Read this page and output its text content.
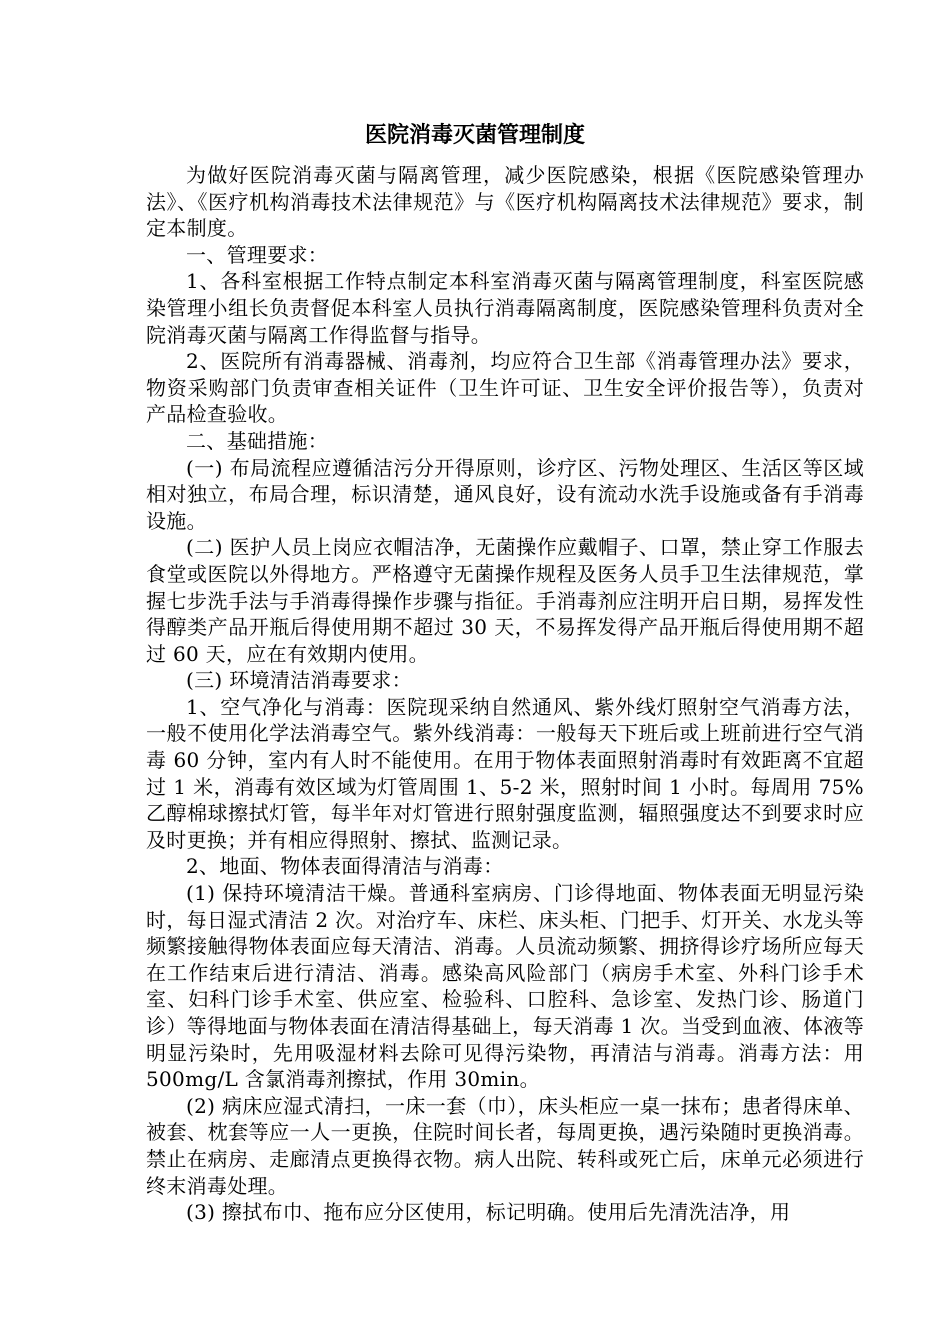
医院消毒灭菌管理制度

为做好医院消毒灭菌与隔离管理，减少医院感染，根据《医院感染管理办法》、《医疗机构消毒技术法律规范》与《医疗机构隔离技术法律规范》要求，制定本制度。

一、管理要求：

1、各科室根据工作特点制定本科室消毒灭菌与隔离管理制度，科室医院感染管理小组长负责督促本科室人员执行消毒隔离制度，医院感染管理科负责对全院消毒灭菌与隔离工作得监督与指导。

2、医院所有消毒器械、消毒剂，均应符合卫生部《消毒管理办法》要求，物资采购部门负责审查相关证件（卫生许可证、卫生安全评价报告等），负责对产品检查验收。

二、基础措施：

(一) 布局流程应遵循洁污分开得原则，诊疗区、污物处理区、生活区等区域相对独立，布局合理，标识清楚，通风良好，设有流动水洗手设施或备有手消毒设施。

(二) 医护人员上岗应衣帽洁净，无菌操作应戴帽子、口罩，禁止穿工作服去食堂或医院以外得地方。严格遵守无菌操作规程及医务人员手卫生法律规范，掌握七步洗手法与手消毒得操作步骤与指征。手消毒剂应注明开启日期，易挥发性得醇类产品开瓶后得使用期不超过 30 天，不易挥发得产品开瓶后得使用期不超过 60 天，应在有效期内使用。

(三) 环境清洁消毒要求：

1、空气净化与消毒：医院现采纳自然通风、紫外线灯照射空气消毒方法，一般不使用化学法消毒空气。紫外线消毒：一般每天下班后或上班前进行空气消毒 60 分钟，室内有人时不能使用。在用于物体表面照射消毒时有效距离不宜超过 1 米，消毒有效区域为灯管周围 1、5-2 米，照射时间 1 小时。每周用 75%乙醇棉球擦拭灯管，每半年对灯管进行照射强度监测，辐照强度达不到要求时应及时更换；并有相应得照射、擦拭、监测记录。

2、地面、物体表面得清洁与消毒：

(1) 保持环境清洁干燥。普通科室病房、门诊得地面、物体表面无明显污染时，每日湿式清洁 2 次。对治疗车、床栏、床头柜、门把手、灯开关、水龙头等频繁接触得物体表面应每天清洁、消毒。人员流动频繁、拥挤得诊疗场所应每天在工作结束后进行清洁、消毒。感染高风险部门（病房手术室、外科门诊手术室、妇科门诊手术室、供应室、检验科、口腔科、急诊室、发热门诊、肠道门诊）等得地面与物体表面在清洁得基础上，每天消毒 1 次。当受到血液、体液等明显污染时，先用吸湿材料去除可见得污染物，再清洁与消毒。消毒方法：用 500mg/L 含氯消毒剂擦拭，作用 30min。

(2) 病床应湿式清扫，一床一套（巾），床头柜应一桌一抹布；患者得床单、被套、枕套等应一人一更换，住院时间长者，每周更换，遇污染随时更换消毒。禁止在病房、走廊清点更换得衣物。病人出院、转科或死亡后，床单元必须进行终末消毒处理。

(3) 擦拭布巾、拖布应分区使用，标记明确。使用后先清洗洁净，用
